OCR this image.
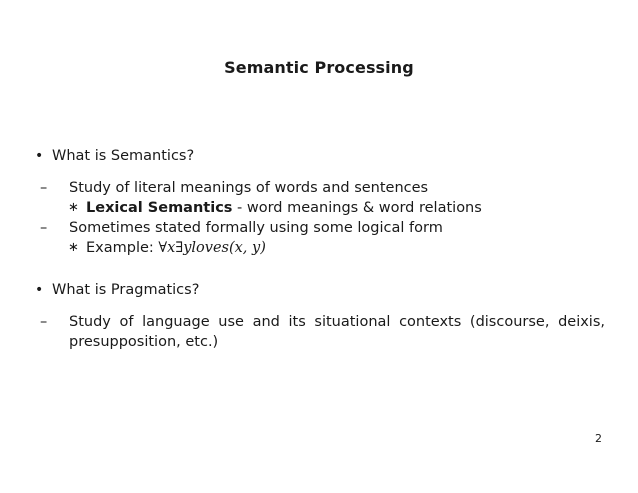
Semantic Processing
• What is Semantics?
– Study of literal meanings of words and sentences
∗ Lexical Semantics - word meanings & word relations
– Sometimes stated formally using some logical form
∗ Example: ∀x∃yloves(x, y)
• What is Pragmatics?
– Study of language use and its situational contexts (discourse, deixis,
presupposition, etc.)
2
